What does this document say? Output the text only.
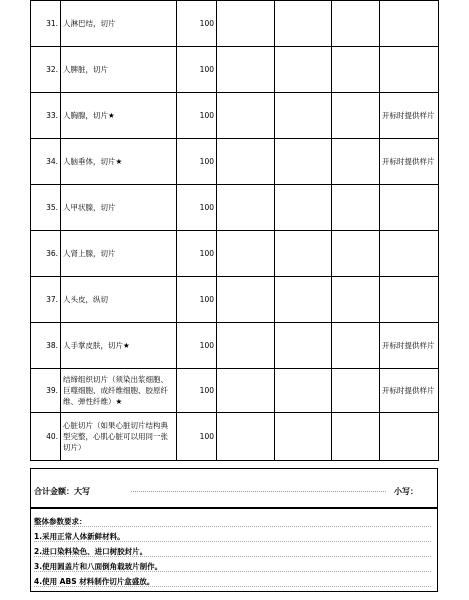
31.	人淋巴结，切片	100				
32.	人脾脏，切片	100				
33.	人胸腺，切片★	100				开标时提供样片
34.	人脑垂体，切片★	100				开标时提供样片
35.	人甲状腺，切片	100				
36.	人肾上腺，切片	100				
37.	人头皮，纵切	100				
38.	人手掌皮肤，切片★	100				开标时提供样片
39.	结缔组织切片（须染出浆细胞、巨噬细胞、成纤维细胞、胶原纤维、弹性纤维）★	100				开标时提供样片
40.	心脏切片（如果心脏切片结构典型完整，心肌心脏可以用同一张切片）	100				
合计金额：大写	小写：
整体参数要求：
1.采用正常人体新鲜材料。
2.进口染料染色、进口树胶封片。
3.使用圆盖片和八面倒角载玻片制作。
4.使用 ABS 材料制作切片盒盛放。
